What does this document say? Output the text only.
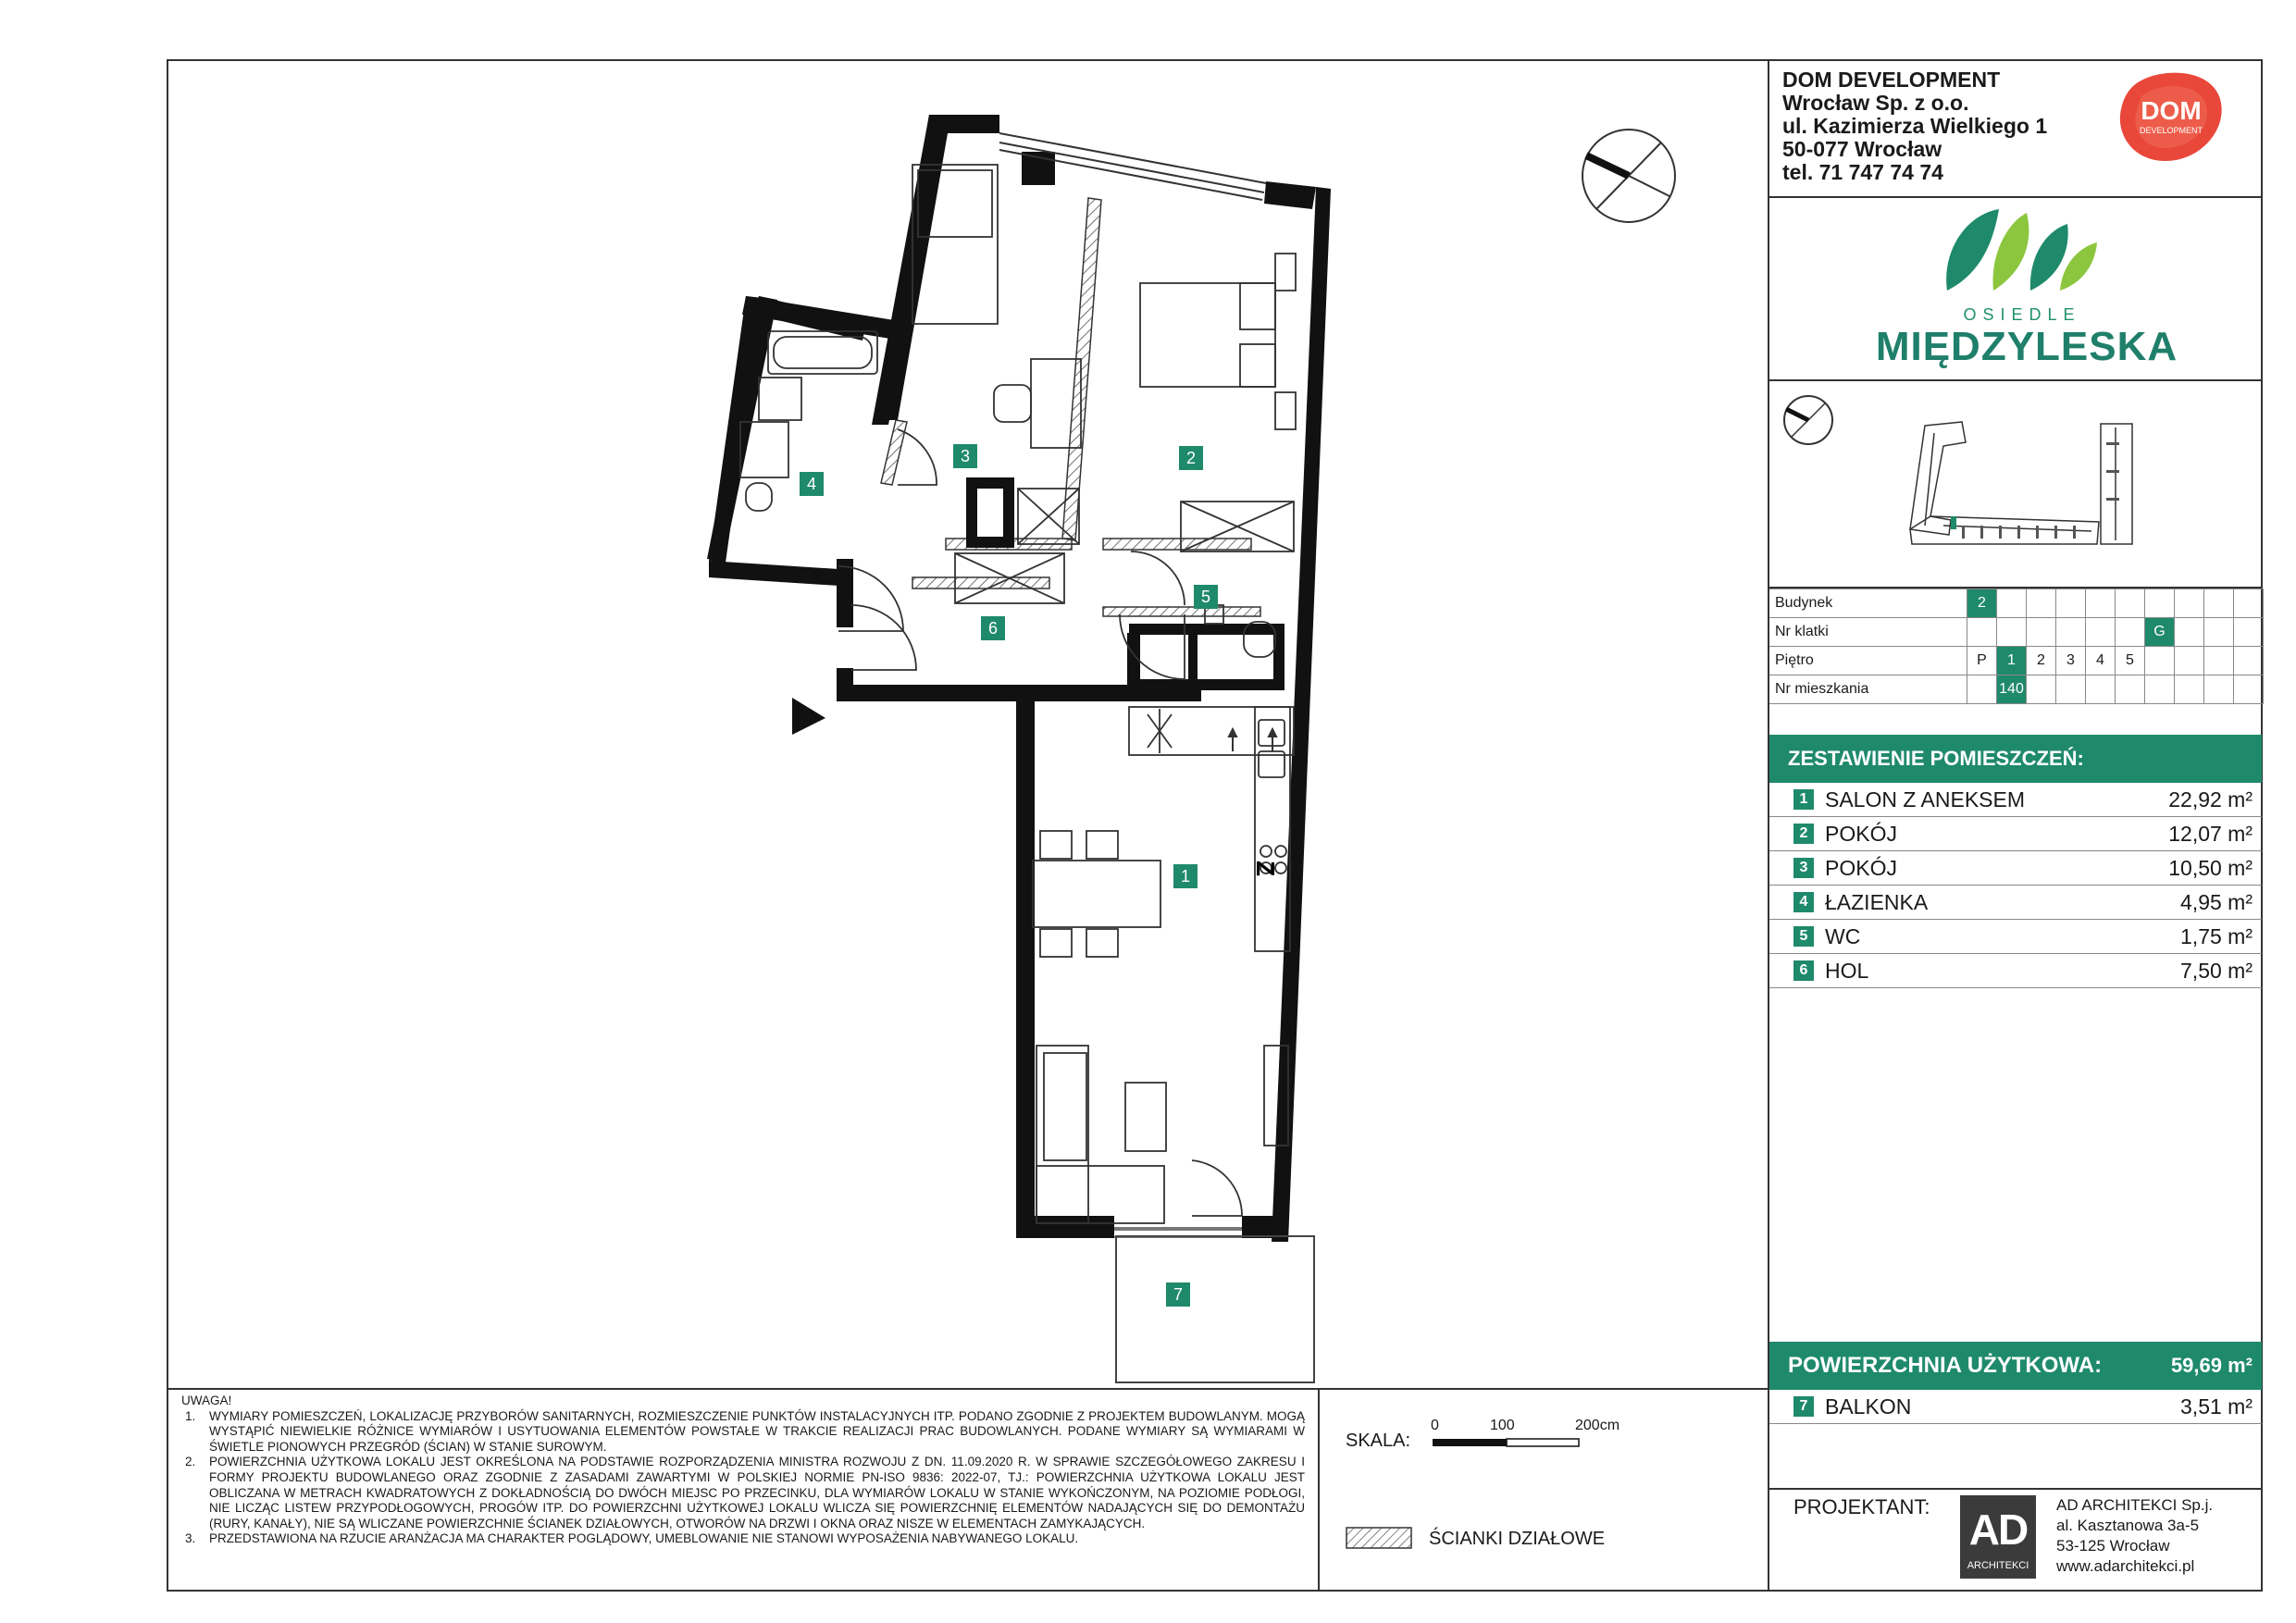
Z
1
2
3
4
5
6
7
DOM DEVELOPMENT
Wrocław Sp. z o.o.
ul. Kazimierza Wielkiego 1
50-077 Wrocław
tel. 71 747 74 74
DOM
DEVELOPMENT
OSIEDLE
MIĘDZYLESKA
Budynek	2									
Nr klatki							G			
Piętro	P	1	2	3	4	5				
Nr mieszkania		140								
ZESTAWIENIE POMIESZCZEŃ:
1 SALON Z ANEKSEM	22,92 m²
2 POKÓJ	12,07 m²
3 POKÓJ	10,50 m²
4 ŁAZIENKA	4,95 m²
5 WC	1,75 m²
6 HOL	7,50 m²
POWIERZCHNIA UŻYTKOWA:	59,69 m²
7 BALKON	3,51 m²
UWAGA!
1. WYMIARY POMIESZCZEŃ, LOKALIZACJĘ PRZYBORÓW SANITARNYCH, ROZMIESZCZENIE PUNKTÓW INSTALACYJNYCH ITP. PODANO ZGODNIE Z PROJEKTEM BUDOWLANYM. MOGĄ WYSTĄPIĆ NIEWIELKIE RÓŻNICE WYMIARÓW I USYTUOWANIA ELEMENTÓW POWSTAŁE W TRAKCIE REALIZACJI PRAC BUDOWLANYCH. PODANE WYMIARY SĄ WYMIARAMI W ŚWIETLE PIONOWYCH PRZEGRÓD (ŚCIAN) W STANIE SUROWYM.
2. POWIERZCHNIA UŻYTKOWA LOKALU JEST OKREŚLONA NA PODSTAWIE ROZPORZĄDZENIA MINISTRA ROZWOJU Z DN. 11.09.2020 R. W SPRAWIE SZCZEGÓŁOWEGO ZAKRESU I FORMY PROJEKTU BUDOWLANEGO ORAZ ZGODNIE Z ZASADAMI ZAWARTYMI W POLSKIEJ NORMIE PN-ISO 9836: 2022-07, TJ.: POWIERZCHNIA UŻYTKOWA LOKALU JEST OBLICZANA W METRACH KWADRATOWYCH Z DOKŁADNOŚCIĄ DO DWÓCH MIEJSC PO PRZECINKU, DLA WYMIARÓW LOKALU W STANIE WYKOŃCZONYM, NA POZIOMIE PODŁOGI, NIE LICZĄC LISTEW PRZYPODŁOGOWYCH, PROGÓW ITP. DO POWIERZCHNI UŻYTKOWEJ LOKALU WLICZA SIĘ POWIERZCHNIĘ ELEMENTÓW NADAJĄCYCH SIĘ DO DEMONTAŻU (RURY, KANAŁY), NIE SĄ WLICZANE POWIERZCHNIE ŚCIANEK DZIAŁOWYCH, OTWORÓW NA DRZWI I OKNA ORAZ NISZE W ELEMENTACH ZAMYKAJĄCYCH.
3. PRZEDSTAWIONA NA RZUCIE ARANŻACJA MA CHARAKTER POGLĄDOWY, UMEBLOWANIE NIE STANOWI WYPOSAŻENIA NABYWANEGO LOKALU.
SKALA:
0	100	200cm
ŚCIANKI DZIAŁOWE
PROJEKTANT: AD
ARCHITEKCI
AD ARCHITEKCI Sp.j.
al. Kasztanowa 3a-5
53-125 Wrocław
www.adarchitekci.pl
